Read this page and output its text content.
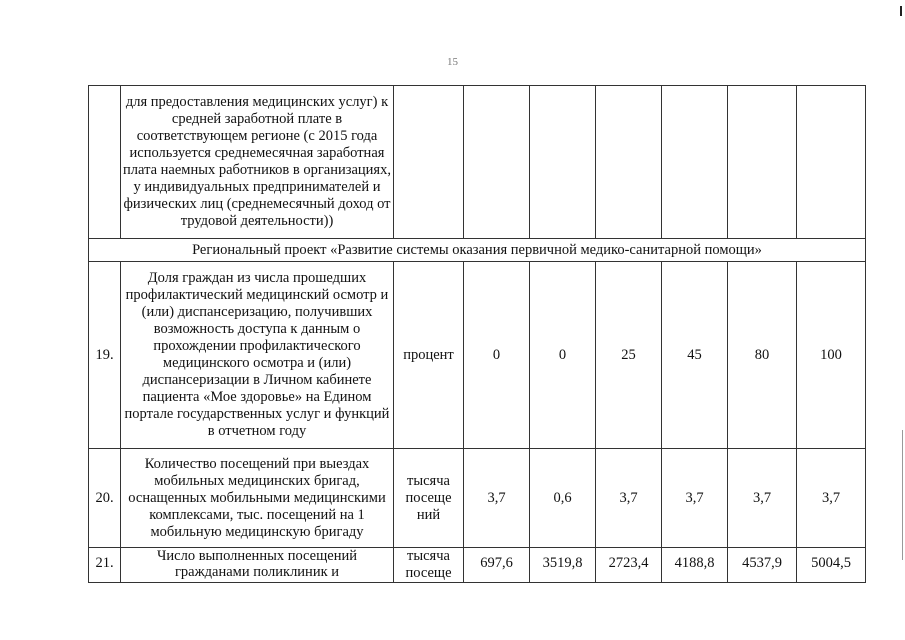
15
	для предоставления медицинских услуг) к средней заработной плате в соответствующем регионе (с 2015 года используется среднемесячная заработная плата наемных работников в организациях, у индивидуальных предпринимателей и физических лиц (среднемесячный доход от трудовой деятельности))							
Региональный проект «Развитие системы оказания первичной медико-санитарной помощи»								
19.	Доля граждан из числа прошедших профилактический медицинский осмотр и (или) диспансеризацию, получивших возможность доступа к данным о прохождении профилактического медицинского осмотра и (или) диспансеризации в Личном кабинете пациента «Мое здоровье» на Едином портале государственных услуг и функций в отчетном году	процент	0	0	25	45	80	100
20.	Количество посещений при выездах мобильных медицинских бригад, оснащенных мобильными медицинскими комплексами, тыс. посещений на 1 мобильную медицинскую бригаду	тысяча посеще ний	3,7	0,6	3,7	3,7	3,7	3,7

21.	Число выполненных посещений гражданами поликлиник и	тысяча посеще	697,6	3519,8	2723,4	4188,8	4537,9	5004,5
